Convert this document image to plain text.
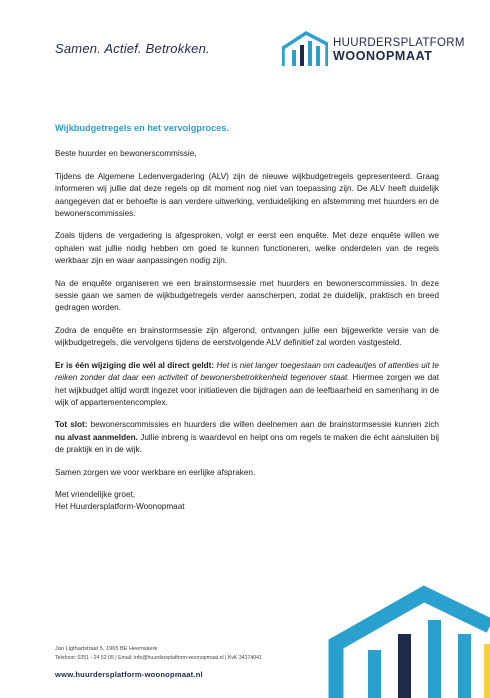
Samen. Actief. Betrokken.	HUURDERSPLATFORM
WOONOPMAAT
Wijkbudgetregels en het vervolgproces.

Beste huurder en bewonerscommissie,

Tijdens de Algemene Ledenvergadering (ALV) zijn de nieuwe wijkbudgetregels gepresenteerd. Graag informeren wij jullie dat deze regels op dit moment nog niet van toepassing zijn. De ALV heeft duidelijk aangegeven dat er behoefte is aan verdere uitwerking, verduidelijking en afstemming met huurders en de bewonerscommissies.

Zoals tijdens de vergadering is afgesproken, volgt er eerst een enquête. Met deze enquête willen we ophalen wat jullie nodig hebben om goed te kunnen functioneren, welke onderdelen van de regels werkbaar zijn en waar aanpassingen nodig zijn.

Na de enquête organiseren we een brainstormsessie met huurders en bewonerscommissies. In deze sessie gaan we samen de wijkbudgetregels verder aanscherpen, zodat ze duidelijk, praktisch en breed gedragen worden.

Zodra de enquête en brainstormsessie zijn afgerond, ontvangen jullie een bijgewerkte versie van de wijkbudgetregels, die vervolgens tijdens de eerstvolgende ALV definitief zal worden vastgesteld.

Er is één wijziging die wél al direct geldt: Het is niet langer toegestaan om cadeautjes of attenties uit te reiken zonder dat daar een activiteit of bewonersbetrokkenheid tegenover staat. Hiermee zorgen we dat het wijkbudget altijd wordt ingezet voor initiatieven die bijdragen aan de leefbaarheid en samenhang in de wijk of appartementencomplex.

Tot slot: bewonerscommissies en huurders die willen deelnemen aan de brainstormsessie kunnen zich nu alvast aanmelden. Jullie inbreng is waardevol en helpt ons om regels te maken die écht aansluiten bij de praktijk en in de wijk.

Samen zorgen we voor werkbare en eerlijke afspraken.

Met vriendelijke groet,

Het Huurdersplatform-Woonopmaat

Jan Ligthartstraat 5, 1965 BE Heemskerk
Telefoon: 0251 - 24 52 05 | Email: info@huurdersplatform-woonopmaat.nl | KvK 34174041
www.huurdersplatform-woonopmaat.nl
